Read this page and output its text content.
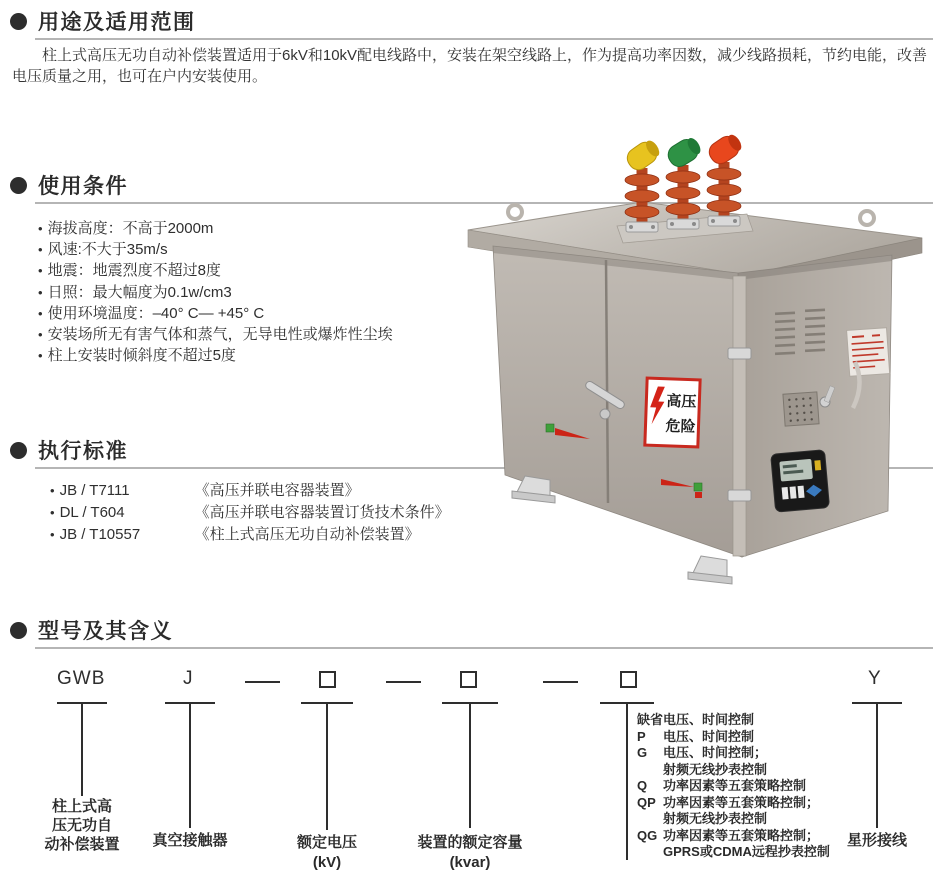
用途及适用范围

柱上式高压无功自动补偿装置适用于6kV和10kV配电线路中，安装在架空线路上，作为提高功率因数，减少线路损耗，节约电能，改善电压质量之用，也可在户内安装使用。

使用条件
• 海拔高度：不高于2000m
• 风速:不大于35m/s
• 地震：地震烈度不超过8度
• 日照：最大幅度为0.1w/cm3
• 使用环境温度：–40° C— +45° C
• 安装场所无有害气体和蒸气，无导电性或爆炸性尘埃
• 柱上安装时倾斜度不超过5度
执行标准
• JB / T7111	《高压并联电容器装置》
• DL / T604	《高压并联电容器装置订货技术条件》
• JB / T10557	《柱上式高压无功自动补偿装置》
型号及其含义
GWB	J	Y
柱上式高
压无功自
动补偿装置	真空接触器	额定电压
(kV)
装置的额定容量
(kvar)
缺省电压、时间控制
P	电压、时间控制
G	电压、时间控制；
射频无线抄表控制
Q	功率因素等五套策略控制
QP 功率因素等五套策略控制；
射频无线抄表控制
QG 功率因素等五套策略控制；
GPRS或CDMA远程抄表控制
星形接线
高压
危险
